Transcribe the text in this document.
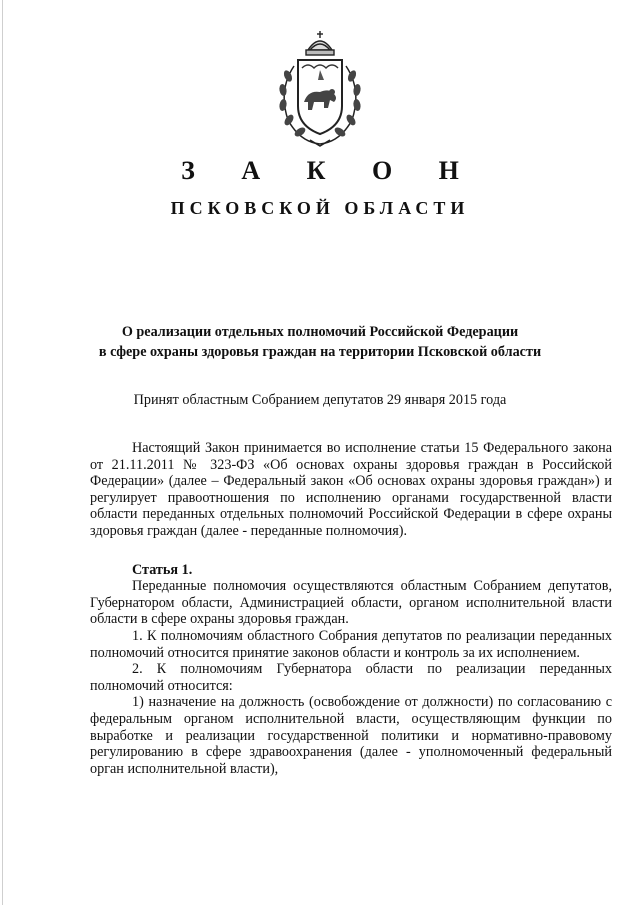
З А К О Н
ПСКОВСКОЙ ОБЛАСТИ
О реализации отдельных полномочий Российской Федерации
в сфере охраны здоровья граждан на территории Псковской области
Принят областным Собранием депутатов 29 января 2015 года

Настоящий Закон принимается во исполнение статьи 15 Федерального закона от 21.11.2011 № 323-ФЗ «Об основах охраны здоровья граждан в Российской Федерации» (далее – Федеральный закон «Об основах охраны здоровья граждан») и регулирует правоотношения по исполнению органами государственной власти области переданных отдельных полномочий Российской Федерации в сфере охраны здоровья граждан (далее - переданные полномочия).

Статья 1.

Переданные полномочия осуществляются областным Собранием депутатов, Губернатором области, Администрацией области, органом исполнительной власти области в сфере охраны здоровья граждан.

1. К полномочиям областного Собрания депутатов по реализации переданных полномочий относится принятие законов области и контроль за их исполнением.

2. К полномочиям Губернатора области по реализации переданных полномочий относится:

1) назначение на должность (освобождение от должности) по согласованию с федеральным органом исполнительной власти, осуществляющим функции по выработке и реализации государственной политики и нормативно-правовому регулированию в сфере здравоохранения (далее - уполномоченный федеральный орган исполнительной власти),
